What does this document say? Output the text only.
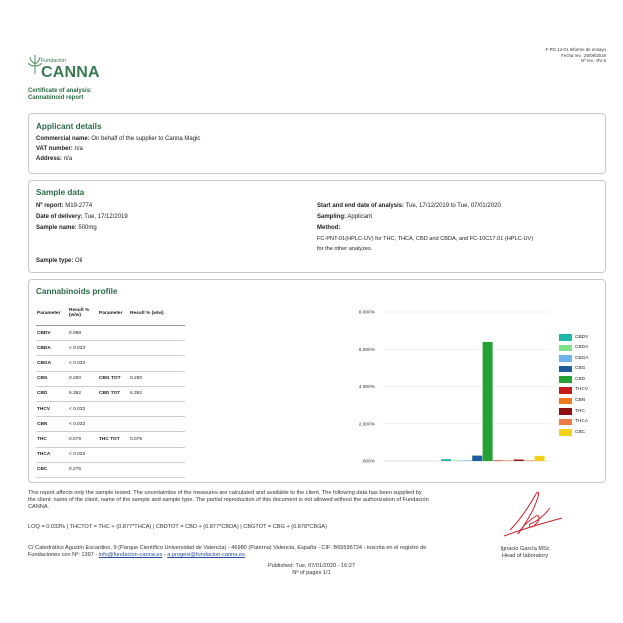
Fundación
CANNA
F-PG 14-01 Informe de ensayo
Fecha rev.: 26/09/2019
Nº rev.: RV 6
Certificate of analysis:
Cannabinoid report
Applicant details
Commercial name: On behalf of the supplier to Canna Magic
VAT number: n/a
Address: n/a
Sample data
Nº report: M19-2774
Date of delivery: Tue, 17/12/2019
Sample name: 500mg
Sample type: Oil
Start and end date of analysis: Tue, 17/12/2019 to Tue, 07/01/2020
Sampling: Applicant
Method:
FC-PNT-01(HPLC-UV) for THC, THCA, CBD and CBDA, and FC-10C17.01 (HPLC-UV)
for the other analyzes.
Cannabinoids profile
Parameter	Result % (w/w)	Parameter	Result % (w/w)
CBDV	0.098		
CBDA	< 0.033		
CBGA	< 0.033		
CBG	0.290	CBG TOT	0.290
CBD	6.392	CBD TOT	6.392
THCV	< 0.033		
CBN	< 0.033		
THC	0.079	THC TOT	0.079
THCA	< 0.033		
CBC	0.275		
.000%
2.000%
4.000%
6.000%
8.000%
CBDV
CBDA
CBGA
CBG
CBD
THCV
CBN
THC
THCA
CBC
This report affects only the sample tested. The uncertainties of the measures are calculated and available to the client. The following data has been supplied by
the client: name of the client, name of the sample and sample type. The partial reproduction of this document is not allowed without the authorization of Fundación
CANNA.
LOQ = 0.033% | THCTOT = THC + (0.877*THCA) | CBDTOT = CBD + (0.877*CBDA) | CBGTOT = CBG + (0.878*CBGA)
C/ Catedrático Agustín Escardino, 9 (Parque Científico Universidad de Valencia) - 46980 (Paterna) Valencia, España - CIF: B65596724 - inscrita en el registro de
Fundaciones con Nº: 1397 - info@fundacion-canna.es - a.progesi@fundacion-canna.es
Ignacio García MSc
Head of laboratory
Published: Tue, 07/01/2020 - 16:27
Nº of pages 1/1
